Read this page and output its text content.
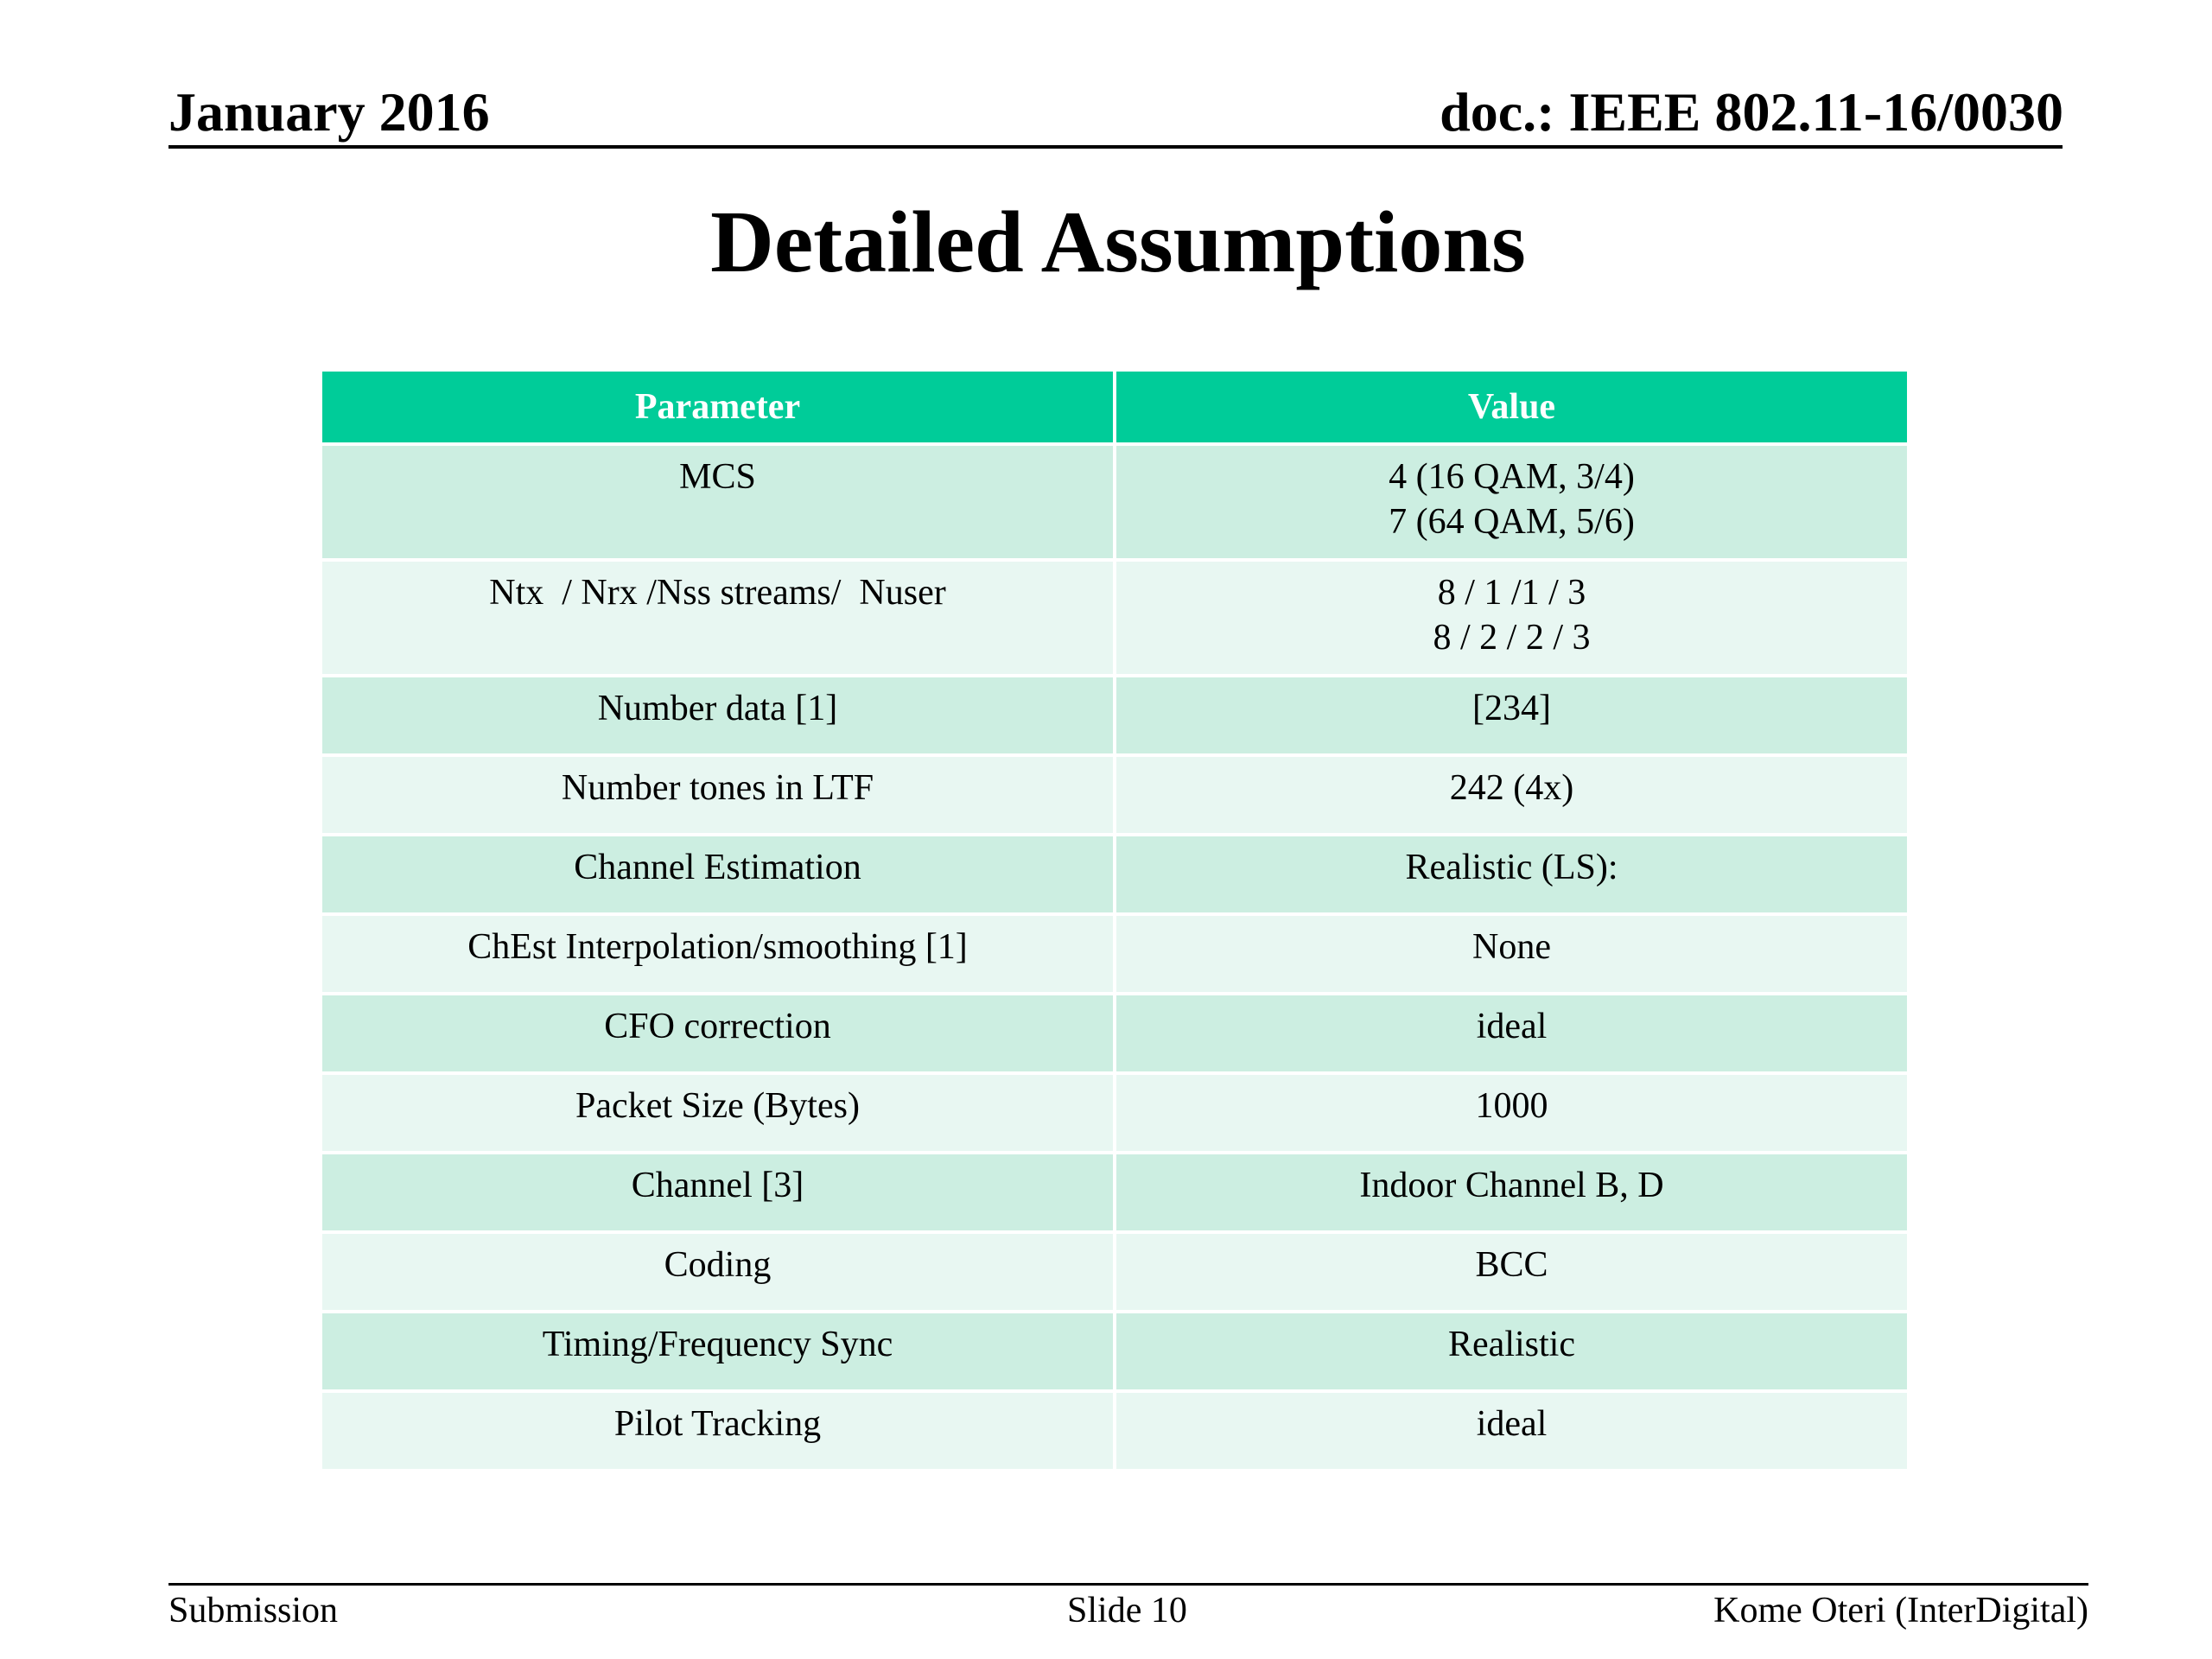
January 2016	doc.: IEEE 802.11-16/0030
Detailed Assumptions
Parameter	Value
MCS	4 (16 QAM, 3/4)
7 (64 QAM, 5/6)

Ntx  / Nrx /Nss streams/  Nuser	8 / 1 /1 / 3
8 / 2 / 2 / 3

Number data [1]	[234]
Number tones in LTF	242 (4x)
Channel Estimation	Realistic (LS):
ChEst Interpolation/smoothing [1]	None
CFO correction	ideal
Packet Size (Bytes)	1000
Channel [3]	Indoor Channel B, D
Coding	BCC
Timing/Frequency Sync	Realistic
Pilot Tracking	ideal
Submission	Slide 10	Kome Oteri (InterDigital)
